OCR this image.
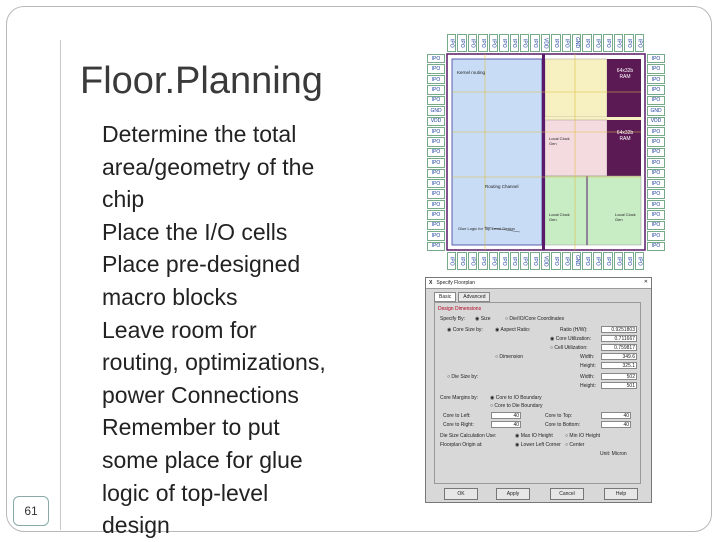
Floor.Planning
Determine the total
area/geometry of the
chip
Place the I/O cells
Place pre-designed
macro blocks
Leave room for
routing, optimizations,
power Connections
Remember to put
some place for glue
logic of top-level
design
61
IPO
IPO
IPO
IPO
IPO
IPO
IPO
IPO
IPO
IPO
IPO
IPO
IPO
IPO
IPO
IPO
IPO
IPO
VDD
VDD
IPO
IPO
IPO
IPO
GND
GND
IPO
IPO
IPO
IPO
IPO
IPO
IPO
IPO
IPO
IPO
IPO
IPO
IPO	IPO
IPO	IPO
IPO	IPO
IPO	IPO
IPO	IPO
GND	GND
VDD	VDD
IPO	IPO
IPO	IPO
IPO	IPO
IPO	IPO
IPO	IPO
IPO	IPO
IPO	IPO
IPO	IPO
IPO	IPO
IPO	IPO
IPO	IPO
IPO	IPO
Kernel routing	64x32b RAM
64x32b RAM
Local Clock Gen
Routing Channel
Glue Logic for Top-Level Design
Local Clock Gen
Local Clock Gen
X Specify Floorplan	✕
Basic	Advanced
Design Dimensions
Specify By: ◉ Size	○ Die/IO/Core Coordinates
◉ Core Size by: ◉ Aspect Ratio:	Ratio (H/W):	0.9251803
◉ Core Utilization:	0.711667
○ Cell Utilization:	0.759817
○ Dimension	Width:	349.6
Height:	325.1
○ Die Size by:	Width:	502
Height:	501
Core Margins by: ◉ Core to IO Boundary
○ Core to Die Boundary
Core to Left:	40	Core to Top:	40
Core to Right:	40	Core to Bottom:	40
Die Size Calculation Use:	◉ Max IO Height ○ Min IO Height
Floorplan Origin at:	◉ Lower Left Corner ○ Center
Unit: Micron
OK	Apply	Cancel	Help
